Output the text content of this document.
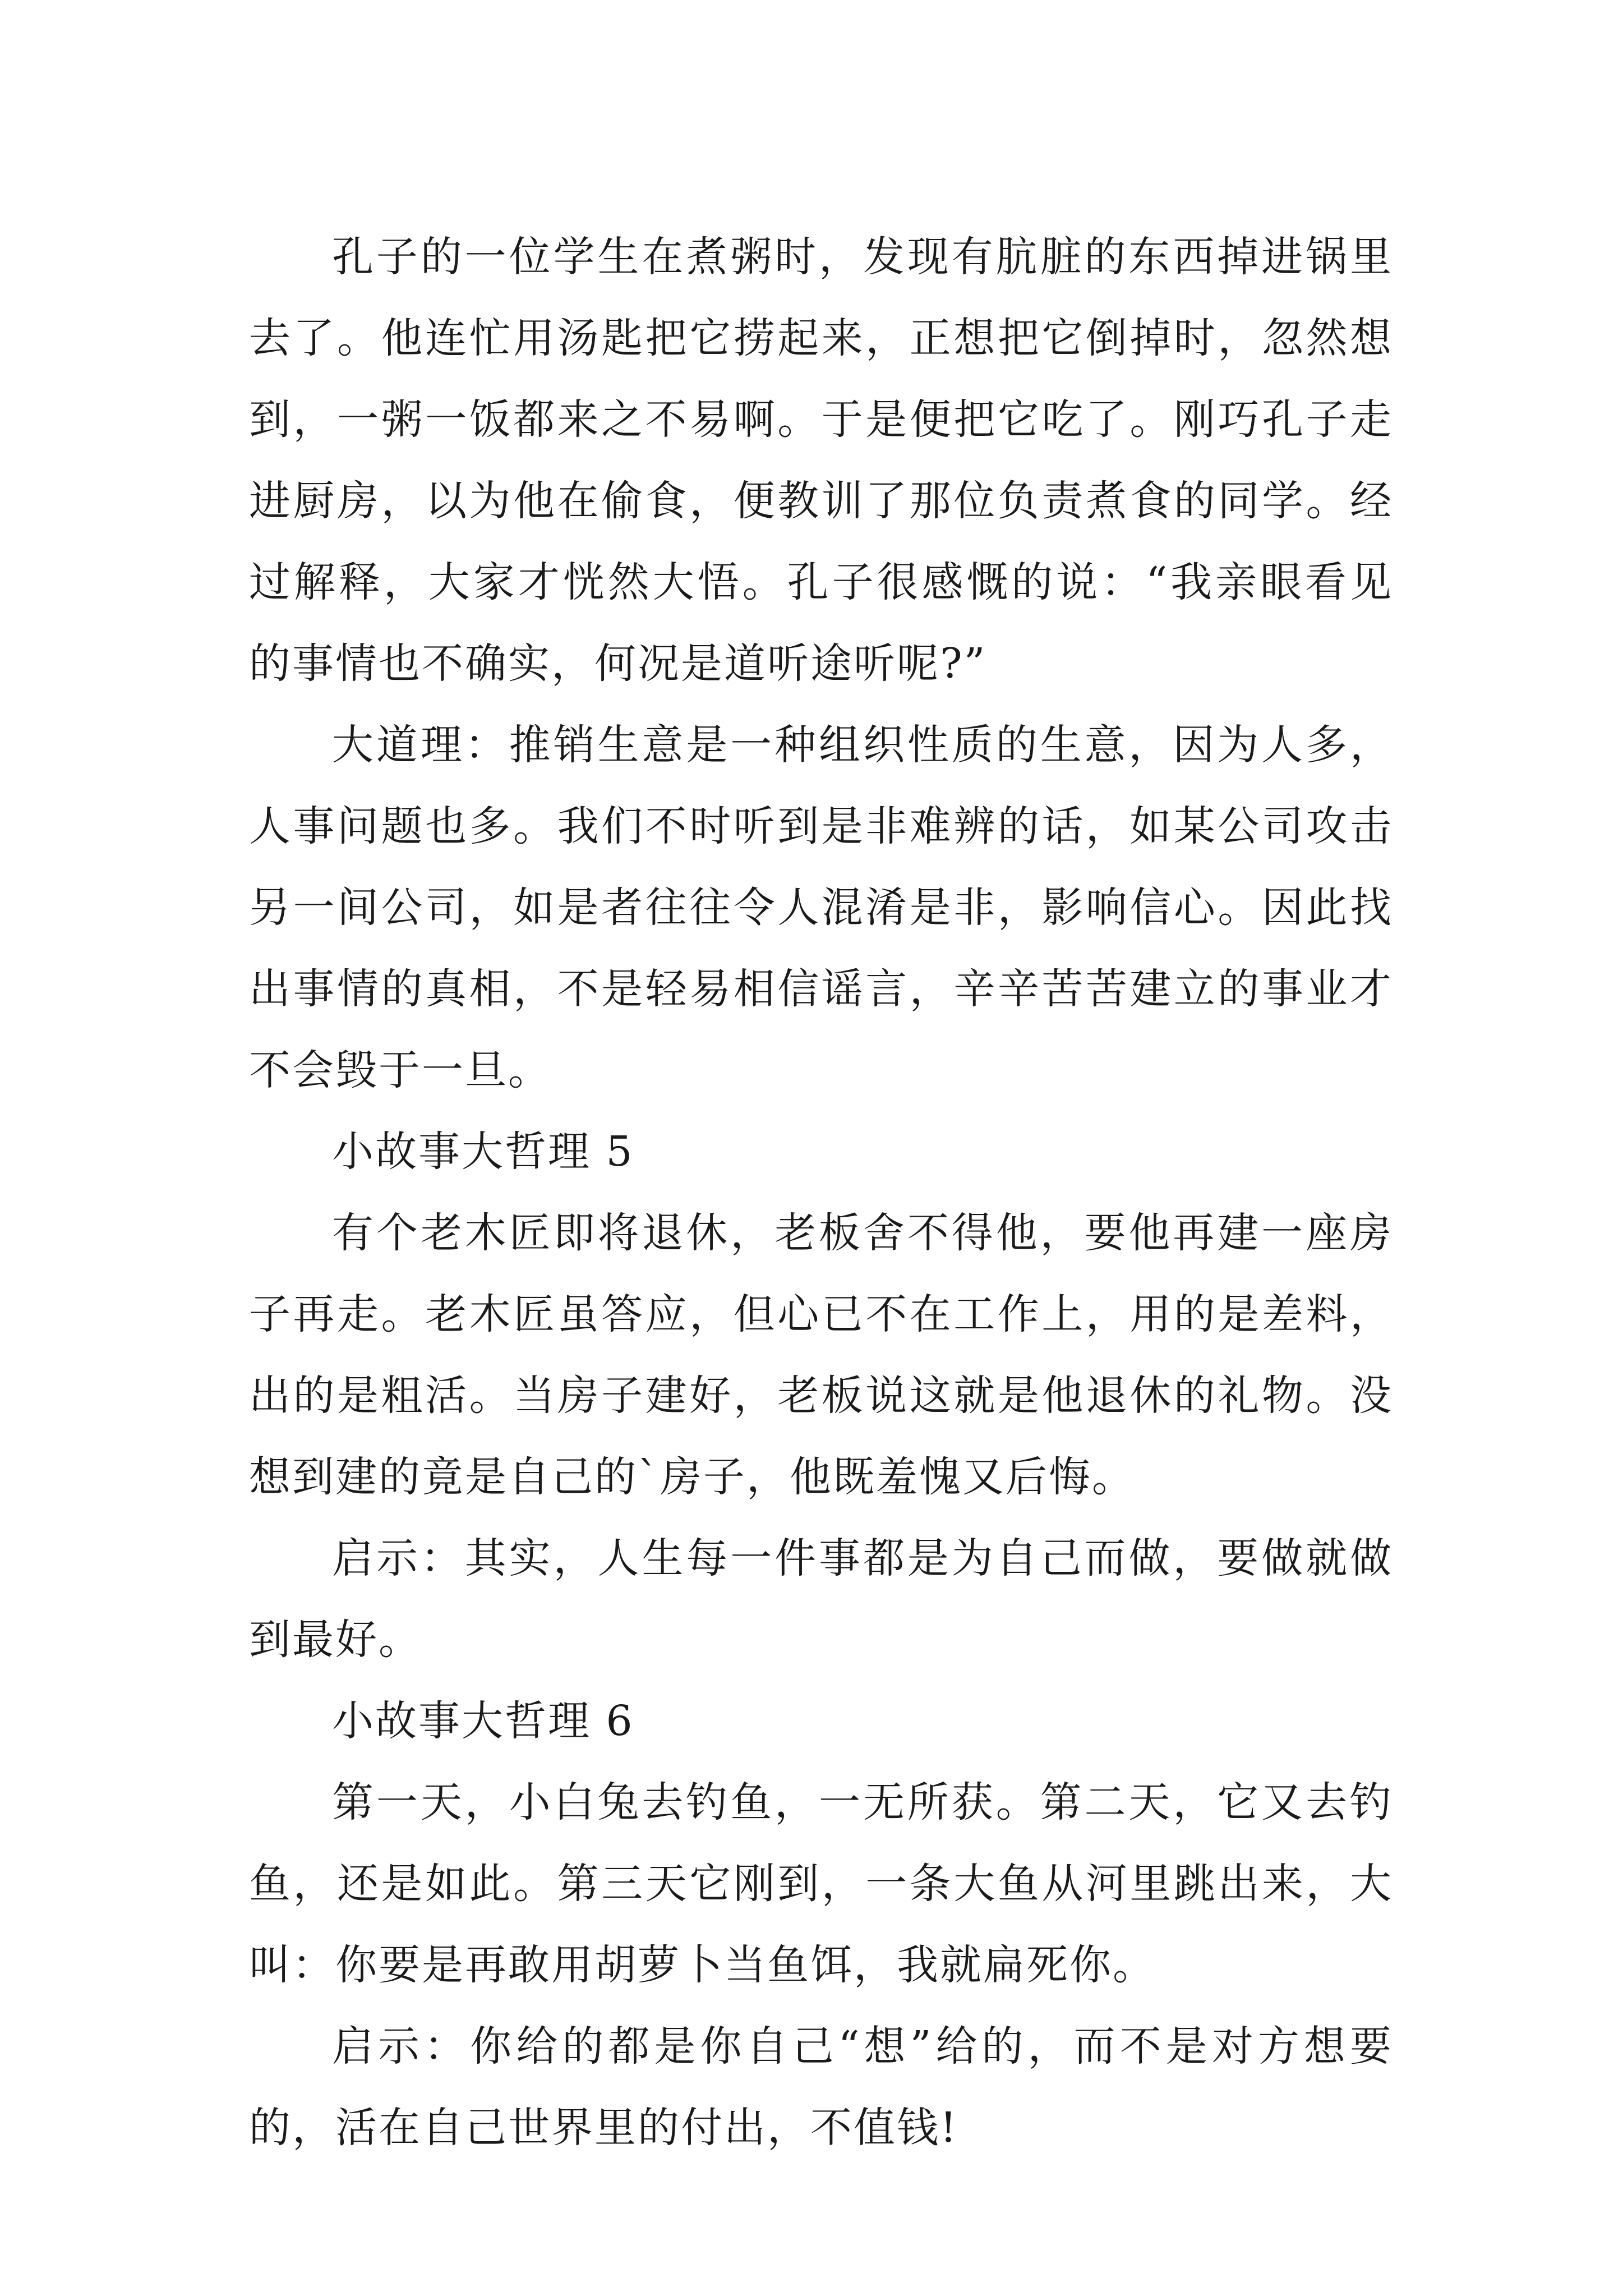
孔子的一位学生在煮粥时，发现有肮脏的东西掉进锅里去了。他连忙用汤匙把它捞起来，正想把它倒掉时，忽然想到，一粥一饭都来之不易啊。于是便把它吃了。刚巧孔子走进厨房，以为他在偷食，便教训了那位负责煮食的同学。经过解释，大家才恍然大悟。孔子很感慨的说：“我亲眼看见的事情也不确实，何况是道听途听呢?”

大道理：推销生意是一种组织性质的生意，因为人多，人事问题也多。我们不时听到是非难辨的话，如某公司攻击另一间公司，如是者往往令人混淆是非，影响信心。因此找出事情的真相，不是轻易相信谣言，辛辛苦苦建立的事业才不会毁于一旦。

小故事大哲理 5

有个老木匠即将退休，老板舍不得他，要他再建一座房子再走。老木匠虽答应，但心已不在工作上，用的是差料，出的是粗活。当房子建好，老板说这就是他退休的礼物。没想到建的竟是自己的`房子，他既羞愧又后悔。

启示：其实，人生每一件事都是为自己而做，要做就做到最好。

小故事大哲理 6

第一天，小白兔去钓鱼，一无所获。第二天，它又去钓鱼，还是如此。第三天它刚到，一条大鱼从河里跳出来，大叫：你要是再敢用胡萝卜当鱼饵，我就扁死你。

启示：你给的都是你自己“想”给的，而不是对方想要的，活在自己世界里的付出，不值钱!
